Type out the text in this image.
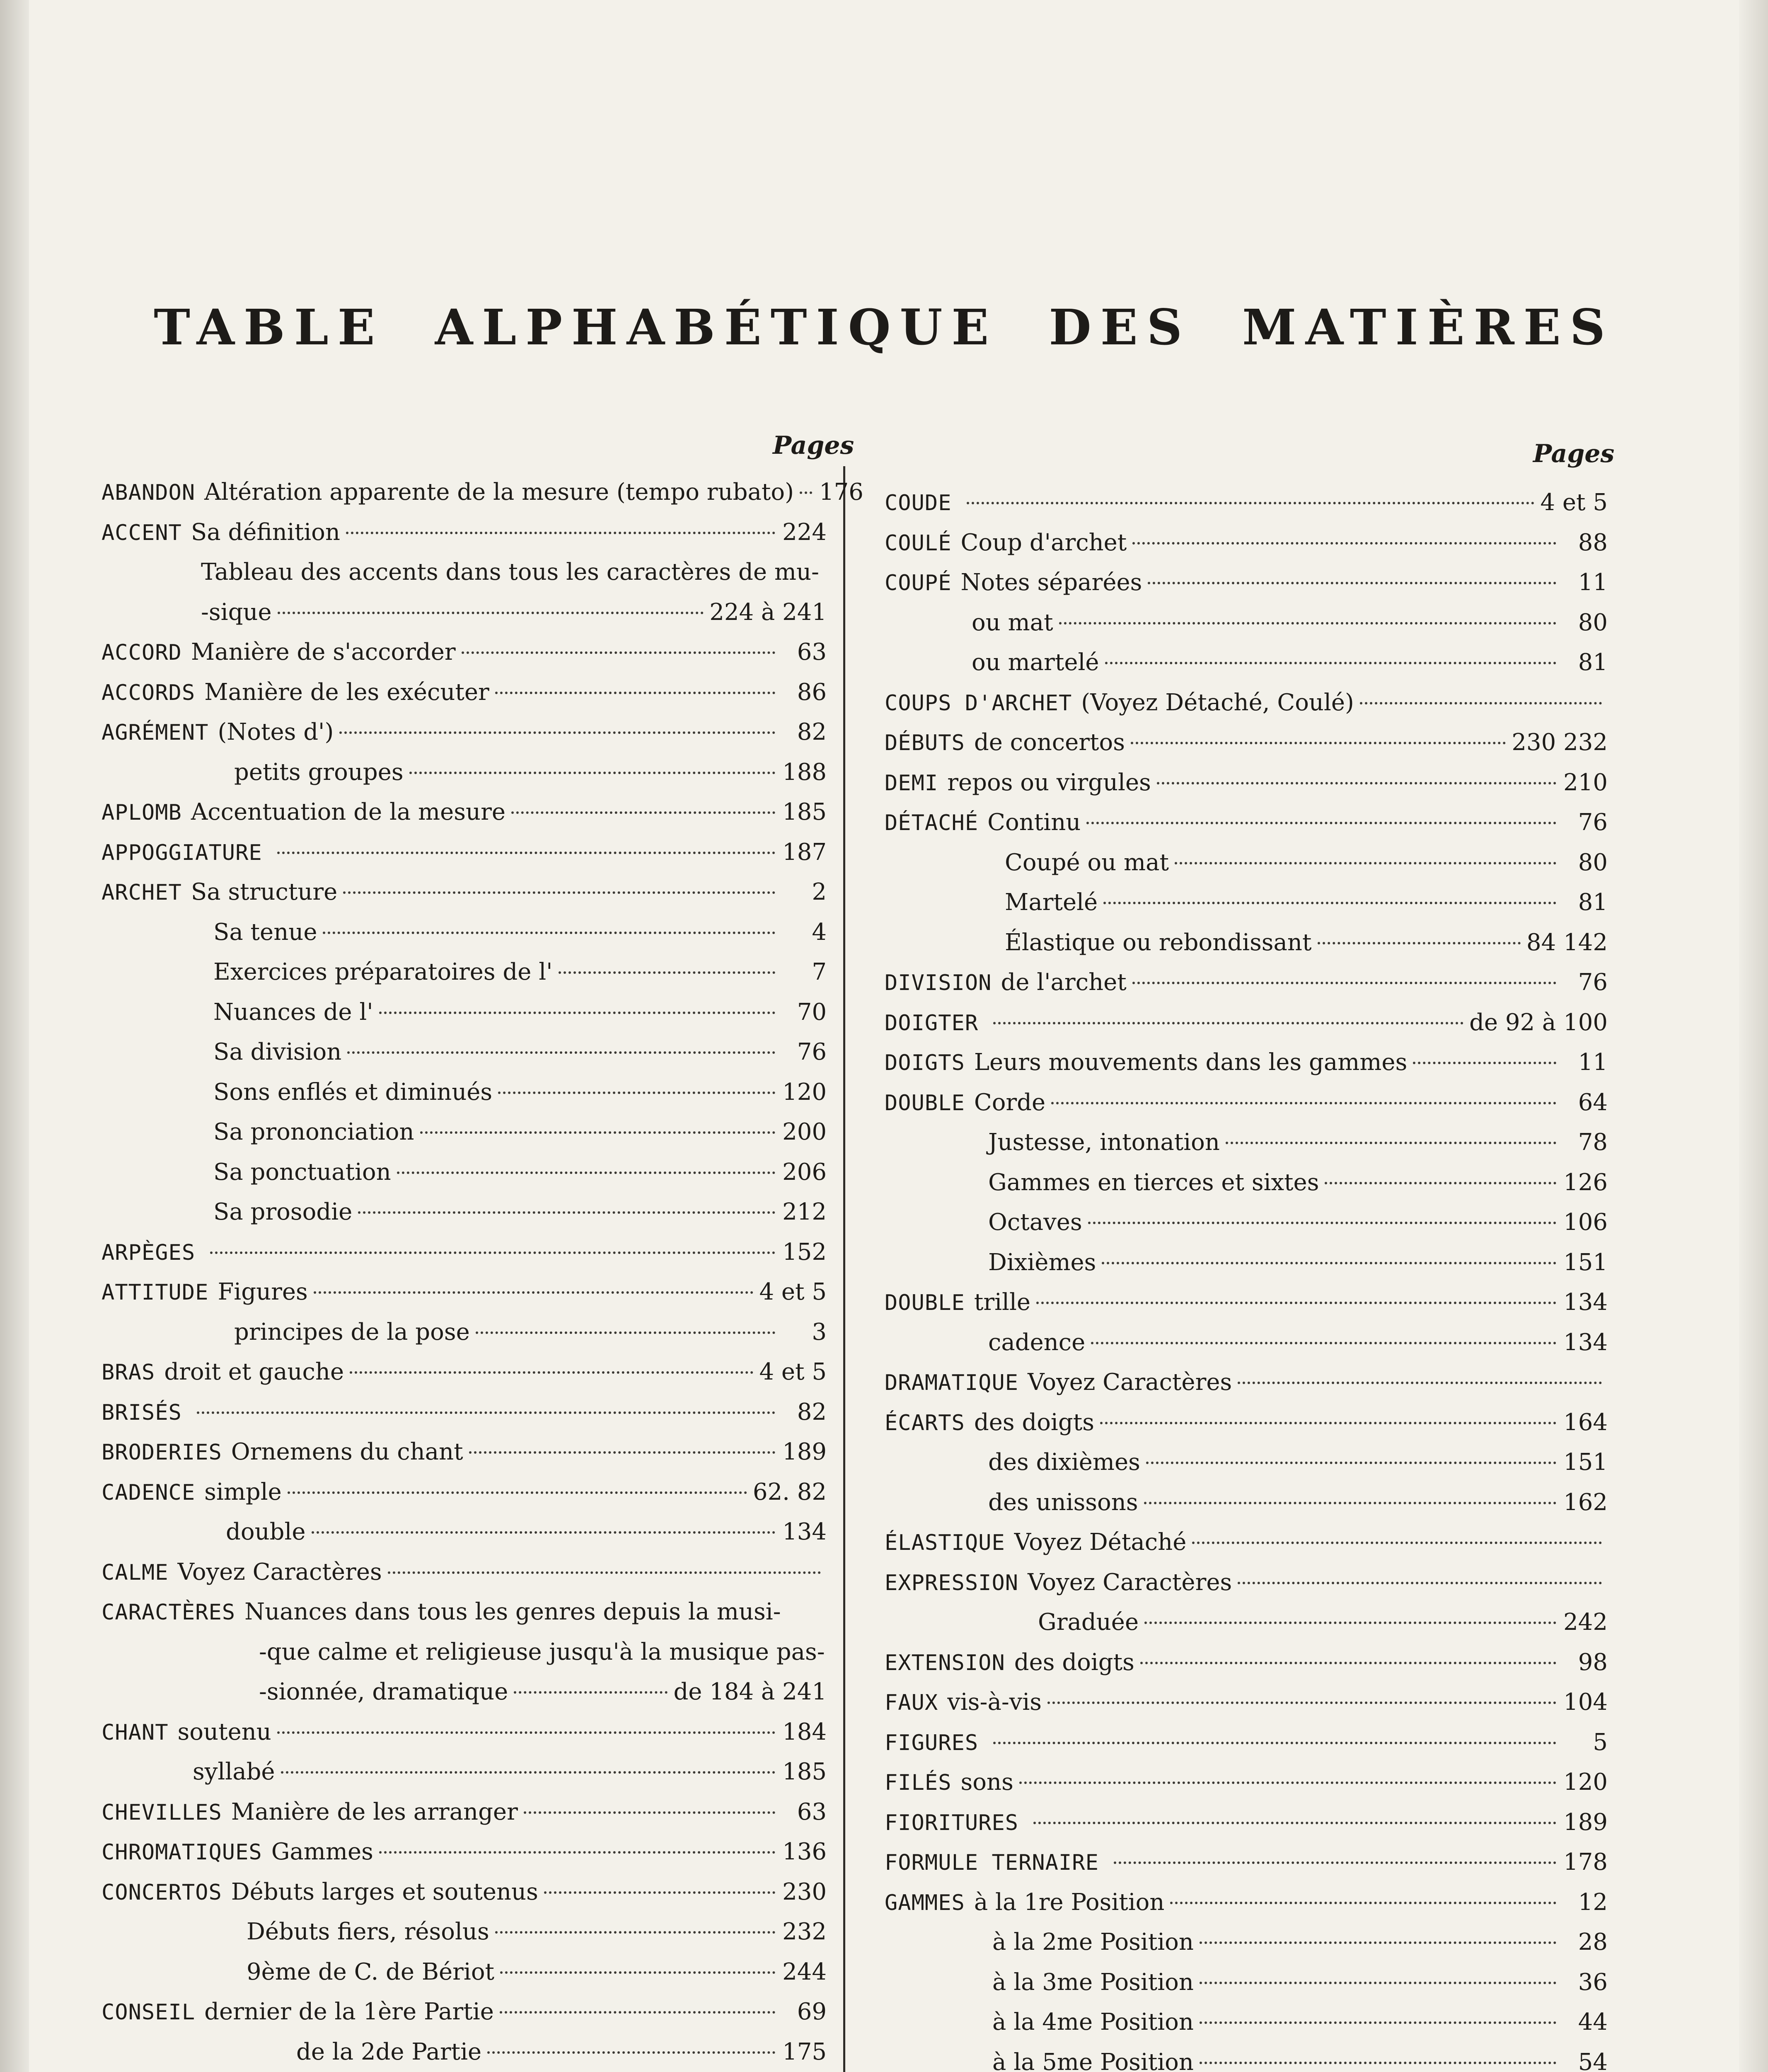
TABLE ALPHABÉTIQUE DES MATIÈRES
Pages	Pages
ABANDON Altération apparente de la mesure (tempo rubato) 176
ACCENT Sa définition	224
Tableau des accents dans tous les caractères de mu-
-sique	224 à 241
ACCORD Manière de s'accorder	63
ACCORDS Manière de les exécuter	86
AGRÉMENT (Notes d')	82
petits groupes	188
APLOMB Accentuation de la mesure	185
APPOGGIATURE	187
ARCHET Sa structure	2
Sa tenue	4
Exercices préparatoires de l'	7
Nuances de l'	70
Sa division	76
Sons enflés et diminués	120
Sa prononciation	200
Sa ponctuation	206
Sa prosodie	212
ARPÈGES	152
ATTITUDE Figures	4 et 5
principes de la pose	3
BRAS droit et gauche	4 et 5
BRISÉS	82
BRODERIES Ornemens du chant	189
CADENCE simple	62. 82
double	134
CALME Voyez Caractères
CARACTÈRES Nuances dans tous les genres depuis la musi-
-que calme et religieuse jusqu'à la musique pas-
-sionnée, dramatique	de 184 à 241
CHANT soutenu	184
syllabé	185
CHEVILLES Manière de les arranger	63
CHROMATIQUES Gammes	136
CONCERTOS Débuts larges et soutenus	230
Débuts fiers, résolus	232
9ème de C. de Bériot	244
CONSEIL dernier de la 1ère Partie	69
de la 2de Partie	175
COUDE	4 et 5
COULÉ Coup d'archet	88
COUPÉ Notes séparées	11
ou mat	80
ou martelé	81
COUPS D'ARCHET (Voyez Détaché, Coulé)
DÉBUTS de concertos	230 232
DEMI repos ou virgules	210
DÉTACHÉ Continu	76
Coupé ou mat	80
Martelé	81
Élastique ou rebondissant	84 142
DIVISION de l'archet	76
DOIGTER	de 92 à 100
DOIGTS Leurs mouvements dans les gammes	11
DOUBLE Corde	64
Justesse, intonation	78
Gammes en tierces et sixtes	126
Octaves	106
Dixièmes	151
DOUBLE trille	134
cadence	134
DRAMATIQUE Voyez Caractères
ÉCARTS des doigts	164
des dixièmes	151
des unissons	162
ÉLASTIQUE Voyez Détaché
EXPRESSION Voyez Caractères
Graduée	242
EXTENSION des doigts	98
FAUX vis-à-vis	104
FIGURES	5
FILÉS sons	120
FIORITURES	189
FORMULE TERNAIRE	178
GAMMES à la 1re Position	12
à la 2me Position	28
à la 3me Position	36
à la 4me Position	44
à la 5me Position	54
